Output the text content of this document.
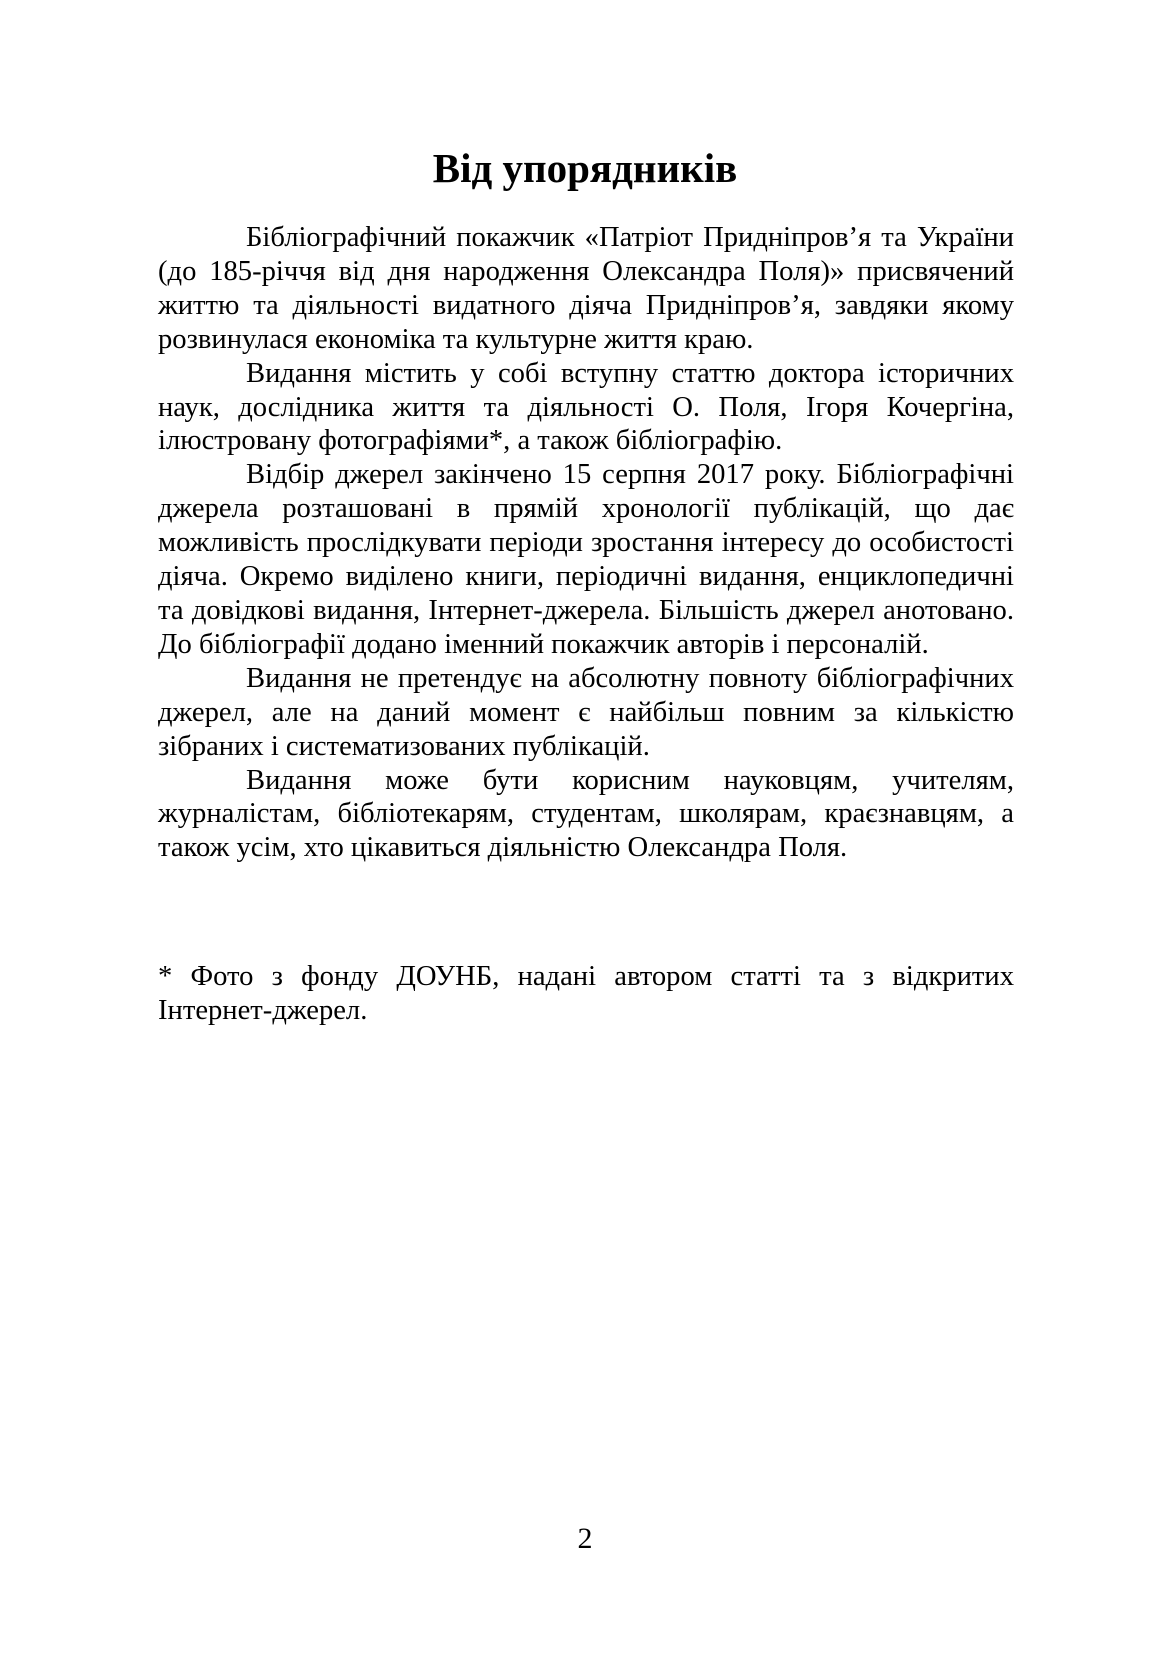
Від упорядників

Бібліографічний покажчик «Патріот Придніпров’я та України (до 185-річчя від дня народження Олександра Поля)» присвячений життю та діяльності видатного діяча Придніпров’я, завдяки якому розвинулася економіка та культурне життя краю.

Видання містить у собі вступну статтю доктора історичних наук, дослідника життя та діяльності О. Поля, Ігоря Кочергіна, ілюстровану фотографіями*, а також бібліографію.

Відбір джерел закінчено 15 серпня 2017 року. Бібліографічні джерела розташовані в прямій хронології публікацій, що дає можливість прослідкувати періоди зростання інтересу до особистості діяча. Окремо виділено книги, періодичні видання, енциклопедичні та довідкові видання, Інтернет-джерела. Більшість джерел анотовано. До бібліографії додано іменний покажчик авторів і персоналій.

Видання не претендує на абсолютну повноту бібліографічних джерел, але на даний момент є найбільш повним за кількістю зібраних і систематизованих публікацій.

Видання може бути корисним науковцям, учителям, журналістам, бібліотекарям, студентам, школярам, краєзнавцям, а також усім, хто цікавиться діяльністю Олександра Поля.

* Фото з фонду ДОУНБ, надані автором статті та з відкритих Інтернет-джерел.

2
